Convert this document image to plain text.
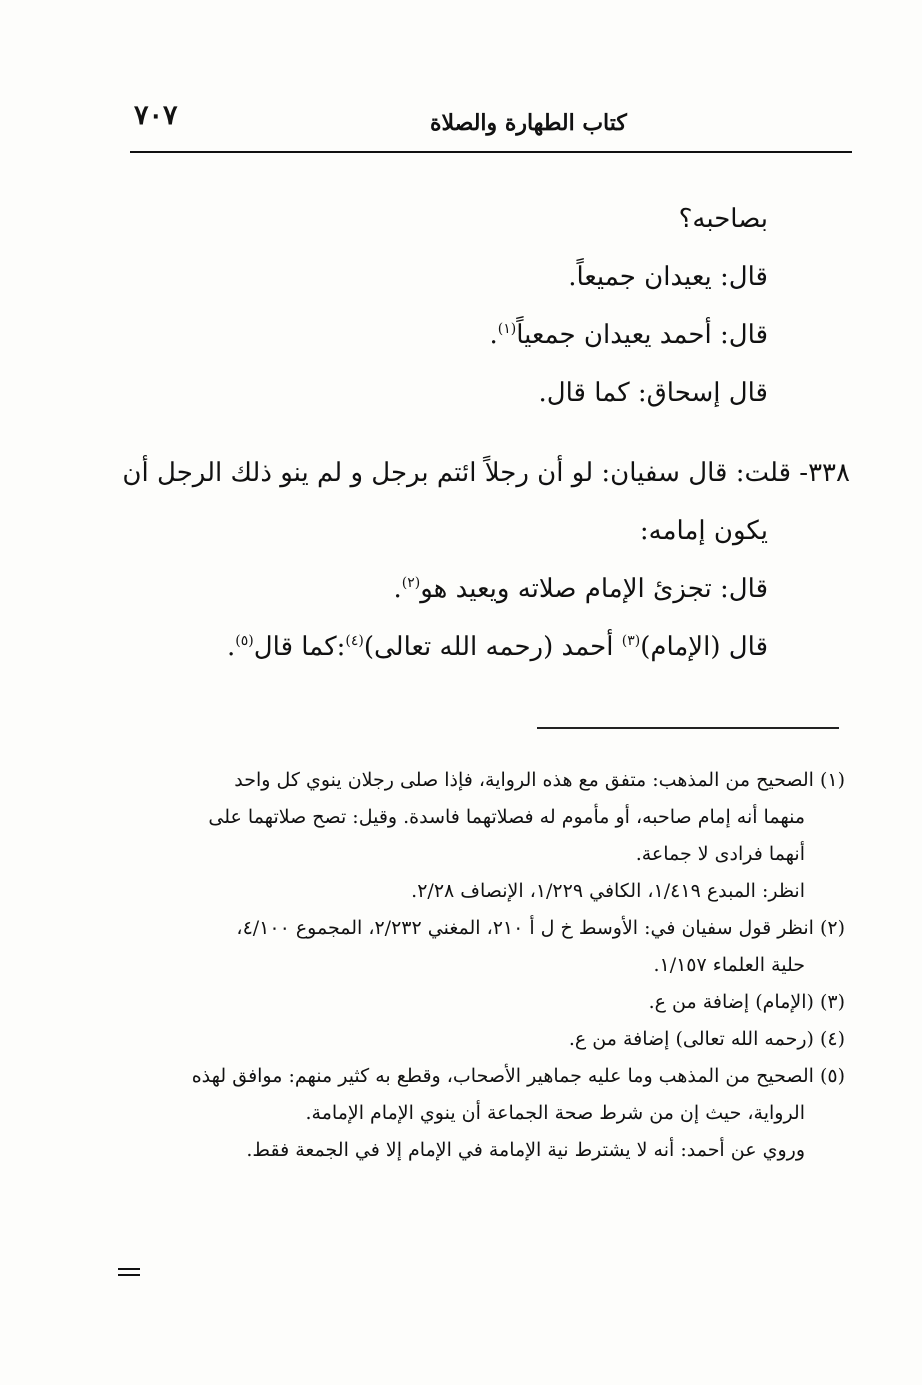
٧٠٧	كتاب الطهارة والصلاة

بصاحبه؟

قال: يعيدان جميعاً.

قال: أحمد يعيدان جمعياً$^{(١)}$.

قال إسحاق: كما قال.

٣٣٨- قلت: قال سفيان: لو أن رجلاً ائتم برجل و لم ينو ذلك الرجل أن

يكون إمامه:

قال: تجزئ الإمام صلاته ويعيد هو$^{(٢)}$.

قال (الإمام)$^{(٣)}$ أحمد (رحمه الله تعالى)$^{(٤)}$:كما قال$^{(٥)}$.

(١) الصحيح من المذهب: متفق مع هذه الرواية، فإذا صلى رجلان ينوي كل واحد

منهما أنه إمام صاحبه، أو مأموم له فصلاتهما فاسدة. وقيل: تصح صلاتهما على

أنهما فرادى لا جماعة.

انظر: المبدع ١/٤١٩، الكافي ١/٢٢٩، الإنصاف ٢/٢٨.

(٢) انظر قول سفيان في: الأوسط خ ل أ ٢١٠، المغني ٢/٢٣٢، المجموع ٤/١٠٠،

حلية العلماء ١/١٥٧.

(٣) (الإمام) إضافة من ع.

(٤) (رحمه الله تعالى) إضافة من ع.

(٥) الصحيح من المذهب وما عليه جماهير الأصحاب، وقطع به كثير منهم: موافق لهذه

الرواية، حيث إن من شرط صحة الجماعة أن ينوي الإمام الإمامة.

وروي عن أحمد: أنه لا يشترط نية الإمامة في الإمام إلا في الجمعة فقط.
